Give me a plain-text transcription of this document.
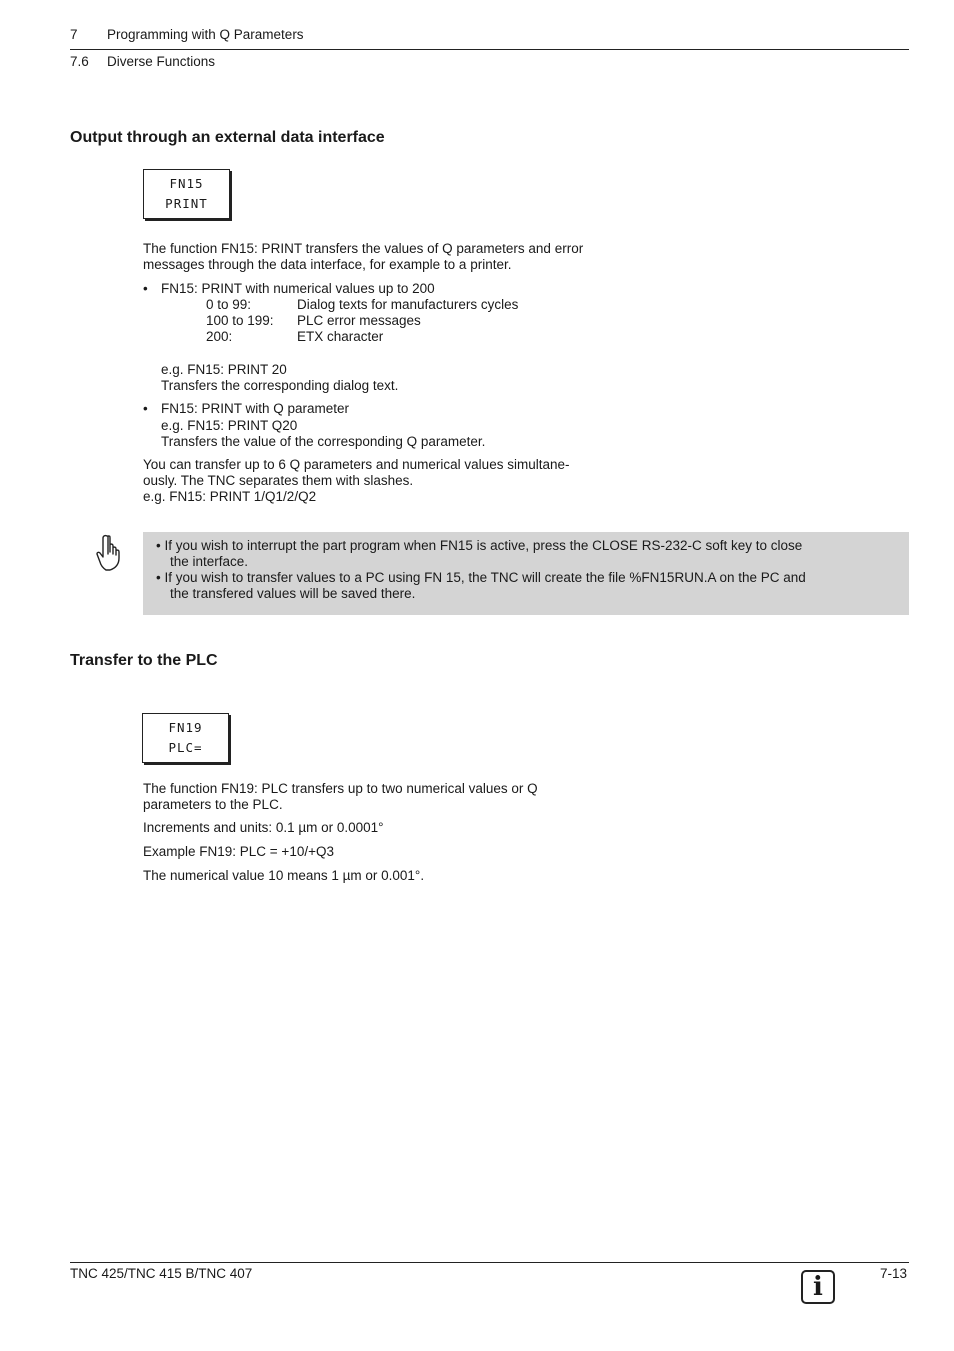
7 Programming with Q Parameters
7.6 Diverse Functions
Output through an external data interface
FN15
PRINT
The function FN15: PRINT transfers the values of Q parameters and error
messages through the data interface, for example to a printer.
• FN15: PRINT with numerical values up to 200
0 to 99:	Dialog texts for manufacturers cycles
100 to 199:	PLC error messages
200:	ETX character
e.g. FN15: PRINT 20
Transfers the corresponding dialog text.
• FN15: PRINT with Q parameter
e.g. FN15: PRINT Q20
Transfers the value of the corresponding Q parameter.
You can transfer up to 6 Q parameters and numerical values simultane-
ously. The TNC separates them with slashes.
e.g. FN15: PRINT 1/Q1/2/Q2
• If you wish to interrupt the part program when FN15 is active, press the CLOSE RS-232-C soft key to close
the interface.
• If you wish to transfer values to a PC using FN 15, the TNC will create the file %FN15RUN.A on the PC and
the transfered values will be saved there.
Transfer to the PLC
FN19
PLC=
The function FN19: PLC transfers up to two numerical values or Q
parameters to the PLC.
Increments and units: 0.1 µm or 0.0001°
Example FN19: PLC = +10/+Q3
The numerical value 10 means 1 µm or 0.001°.
TNC 425/TNC 415 B/TNC 407	7-13
i
